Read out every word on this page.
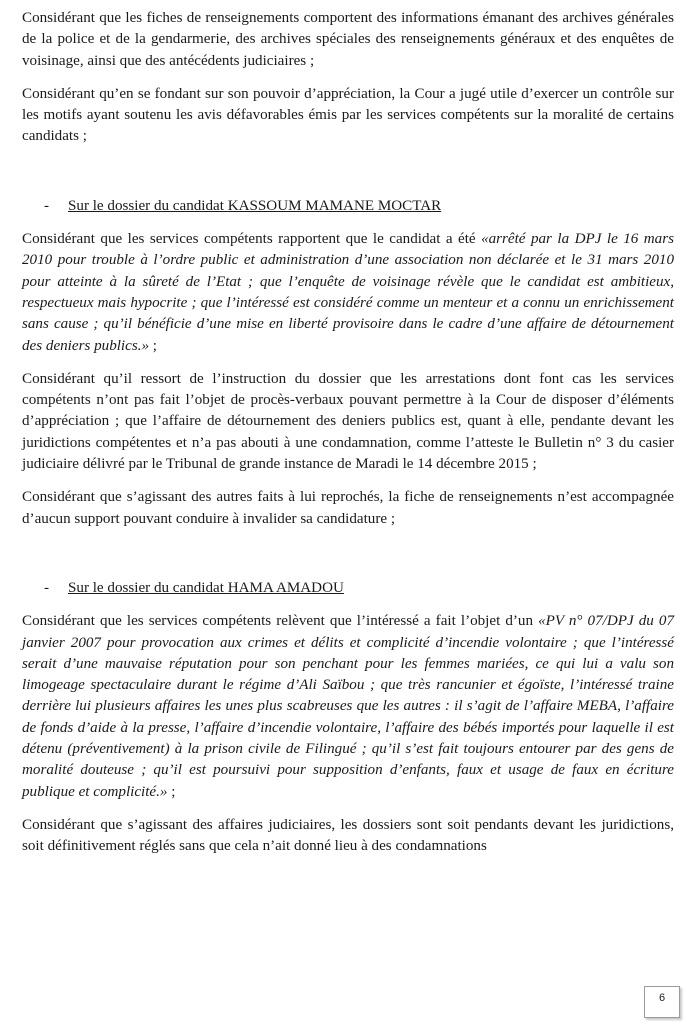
Considérant que les fiches de renseignements comportent des informations émanant des archives générales de la police et de la gendarmerie, des archives spéciales des renseignements généraux et des enquêtes de voisinage, ainsi que des antécédents judiciaires ;

Considérant qu’en se fondant sur son pouvoir d’appréciation, la Cour a jugé utile d’exercer un contrôle sur les motifs ayant soutenu les avis défavorables émis par les services compétents sur la moralité de certains candidats ;

-	Sur le dossier du candidat KASSOUM MAMANE MOCTAR

Considérant que les services compétents rapportent que le candidat a été «arrêté par la DPJ le 16 mars 2010 pour trouble à l’ordre public et administration d’une association non déclarée et le 31 mars 2010 pour atteinte à la sûreté de l’Etat ; que l’enquête de voisinage révèle que le candidat est ambitieux, respectueux mais hypocrite ; que l’intéressé est considéré comme un menteur et a connu un enrichissement sans cause ; qu’il bénéficie d’une mise en liberté provisoire dans le cadre d’une affaire de détournement des deniers publics.» ;

Considérant qu’il ressort de l’instruction du dossier que les arrestations dont font cas les services compétents n’ont pas fait l’objet de procès-verbaux pouvant permettre à la Cour de disposer d’éléments d’appréciation ; que l’affaire de détournement des deniers publics est, quant à elle, pendante devant les juridictions compétentes et n’a pas abouti à une condamnation, comme l’atteste le Bulletin n° 3 du casier judiciaire délivré par le Tribunal de grande instance de Maradi le 14 décembre 2015 ;

Considérant que s’agissant des autres faits à lui reprochés, la fiche de renseignements n’est accompagnée d’aucun support pouvant conduire à invalider sa candidature ;

-	Sur le dossier du candidat HAMA AMADOU

Considérant que les services compétents relèvent que l’intéressé a fait l’objet d’un «PV n° 07/DPJ du 07 janvier 2007 pour provocation aux crimes et délits et complicité d’incendie volontaire ; que l’intéressé serait d’une mauvaise réputation pour son penchant pour les femmes mariées, ce qui lui a valu son limogeage spectaculaire durant le régime d’Ali Saïbou ; que très rancunier et égoïste, l’intéressé traine derrière lui plusieurs affaires les unes plus scabreuses que les autres : il s’agit de l’affaire MEBA, l’affaire de fonds d’aide à la presse, l’affaire d’incendie volontaire, l’affaire des bébés importés pour laquelle il est détenu (préventivement) à la prison civile de Filingué ; qu’il s’est fait toujours entourer par des gens de moralité douteuse ; qu’il est poursuivi pour supposition d’enfants, faux et usage de faux en écriture publique et complicité.» ;

Considérant que s’agissant des affaires judiciaires, les dossiers sont soit pendants devant les juridictions, soit définitivement réglés sans que cela n’ait donné lieu à des condamnations

6
